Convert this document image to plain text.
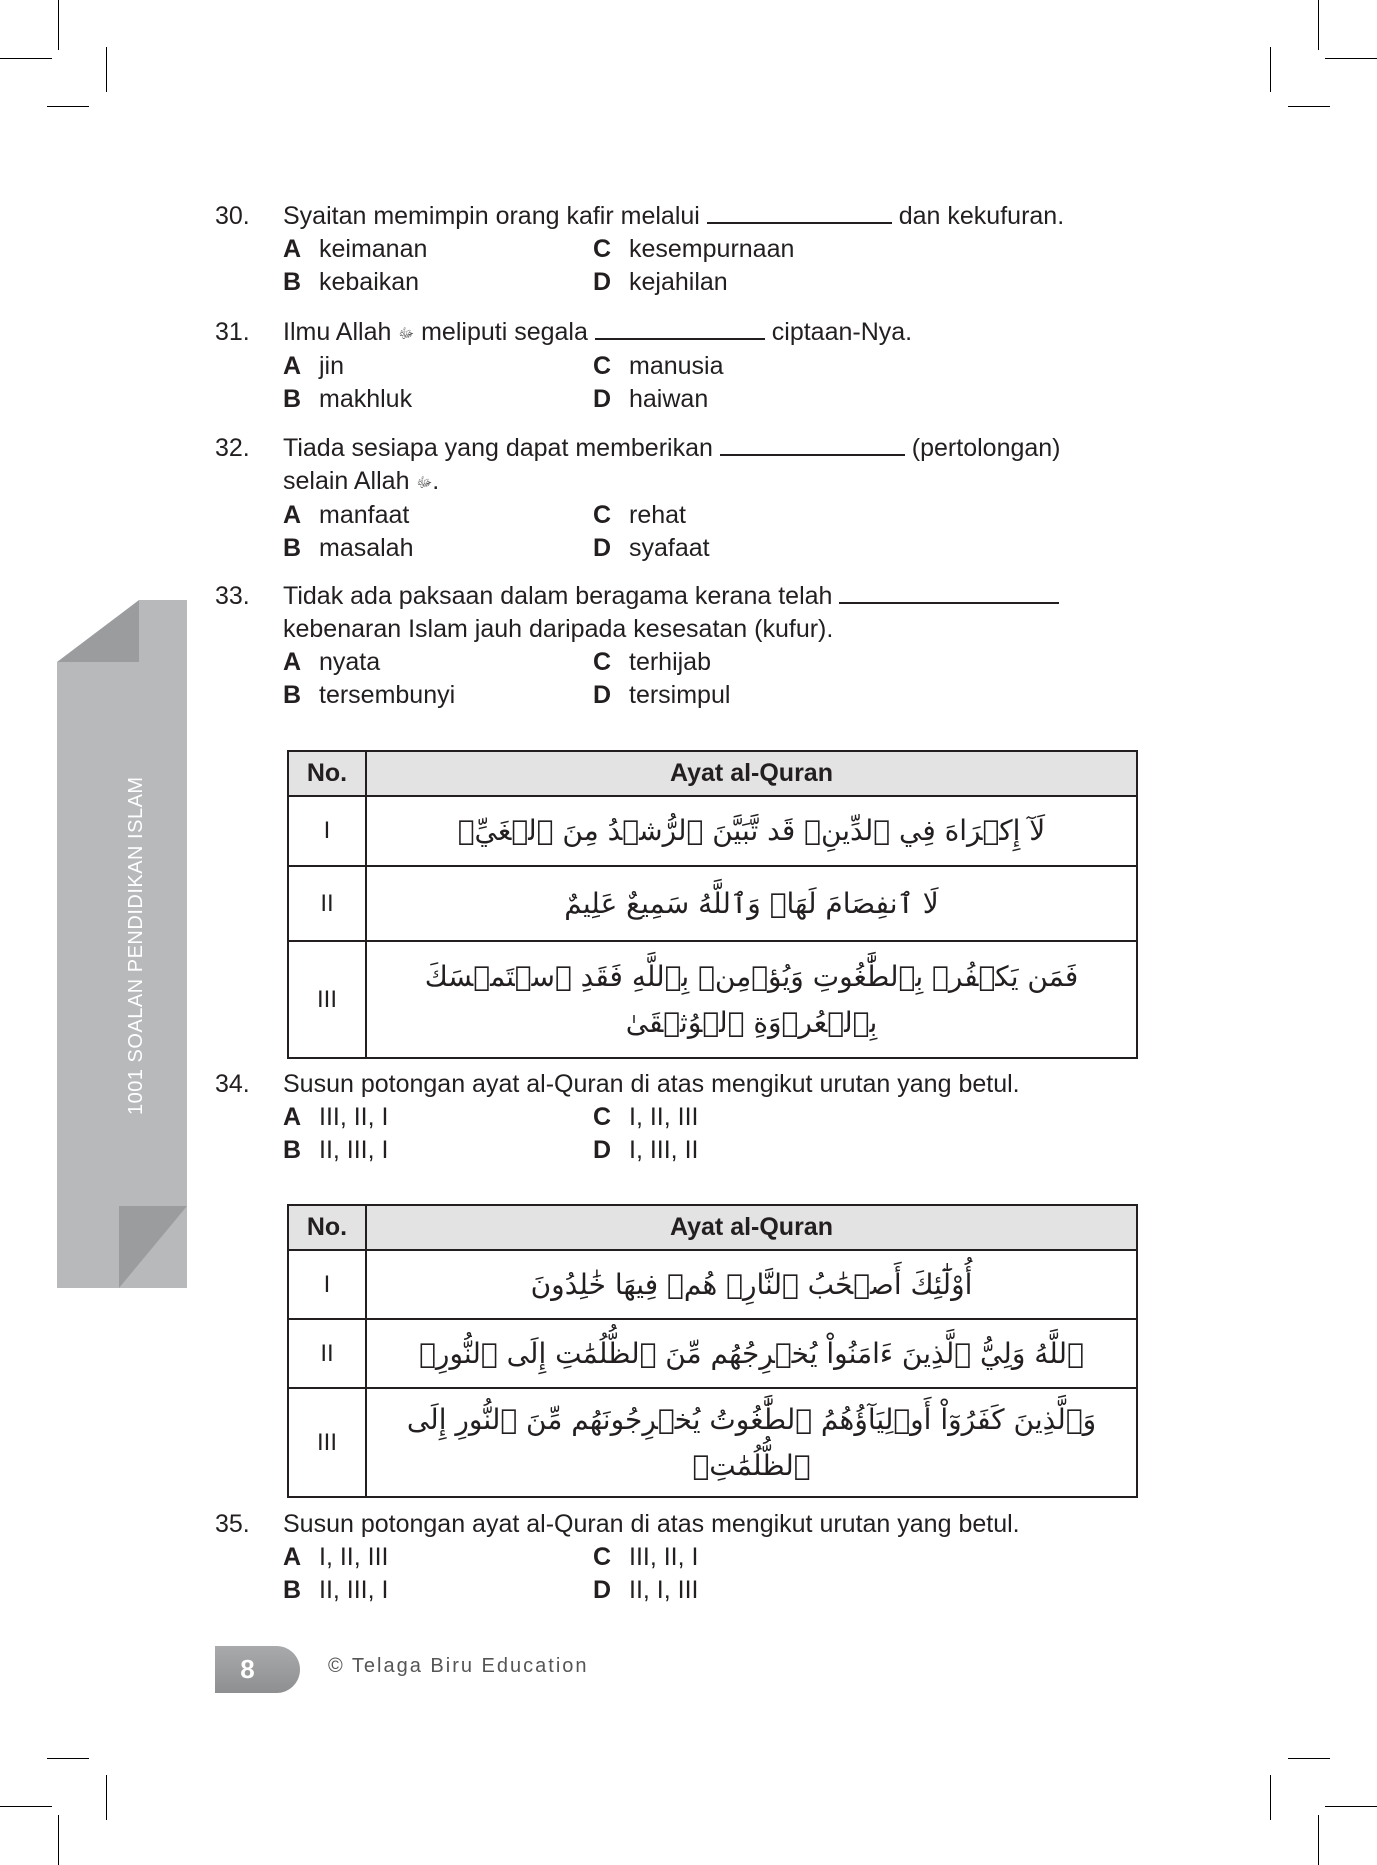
1001 SOALAN PENDIDIKAN ISLAM
30. Syaitan memimpin orang kafir melalui	dan kekufuran.
A keimanan	C kesempurnaan
B kebaikan	D kejahilan
31. Ilmu Allah ﷻ meliputi segala	ciptaan-Nya.
A jin	C manusia
B makhluk	D haiwan
32. Tiada sesiapa yang dapat memberikan	(pertolongan)
selain Allah ﷻ.
A manfaat	C rehat
B masalah	D syafaat
33. Tidak ada paksaan dalam beragama kerana telah
kebenaran Islam jauh daripada kesesatan (kufur).
A nyata	C terhijab
B tersembunyi	D tersimpul
No.	Ayat al-Quran
I	لَآ إِكۡرَاهَ فِي ٱلدِّينِۖ قَد تَّبَيَّنَ ٱلرُّشۡدُ مِنَ ٱلۡغَيِّۚ
II	لَا ٱنفِصَامَ لَهَاۗ وَٱللَّهُ سَمِيعٌ عَلِيمٌ
III	فَمَن يَكۡفُرۡ بِٱلطَّٰغُوتِ وَيُؤۡمِنۢ بِٱللَّهِ فَقَدِ ٱسۡتَمۡسَكَ بِٱلۡعُرۡوَةِ ٱلۡوُثۡقَىٰ
34. Susun potongan ayat al-Quran di atas mengikut urutan yang betul.
A III, II, I	C I, II, III
B II, III, I	D I, III, II
No.	Ayat al-Quran
I	أُوْلَٰٓئِكَ أَصۡحَٰبُ ٱلنَّارِۖ هُمۡ فِيهَا خَٰلِدُونَ
II	ٱللَّهُ وَلِيُّ ٱلَّذِينَ ءَامَنُواْ يُخۡرِجُهُم مِّنَ ٱلظُّلُمَٰتِ إِلَى ٱلنُّورِۖ
III	وَٱلَّذِينَ كَفَرُوٓاْ أَوۡلِيَآؤُهُمُ ٱلطَّٰغُوتُ يُخۡرِجُونَهُم مِّنَ ٱلنُّورِ إِلَى ٱلظُّلُمَٰتِۗ
35. Susun potongan ayat al-Quran di atas mengikut urutan yang betul.
A I, II, III	C III, II, I
B II, III, I	D II, I, III
8	© Telaga Biru Education
